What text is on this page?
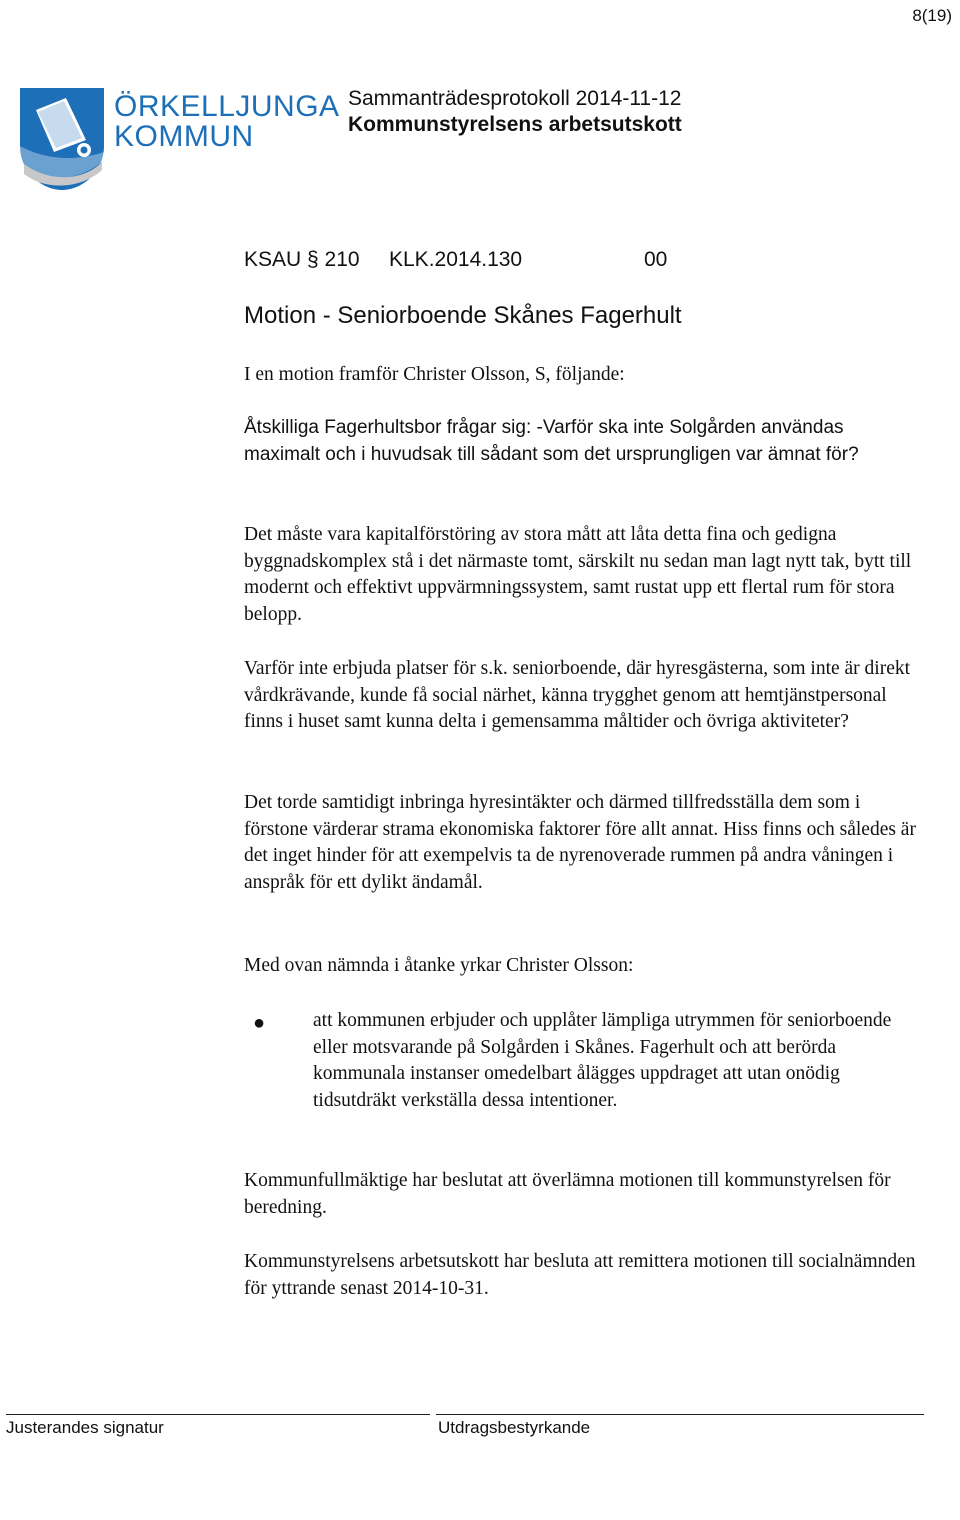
8(19)
ÖRKELLJUNGA
KOMMUN
Sammanträdesprotokoll 2014-11-12
Kommunstyrelsens arbetsutskott
KSAU § 210 KLK.2014.130	00
Motion - Seniorboende Skånes Fagerhult
I en motion framför Christer Olsson, S, följande:
Åtskilliga Fagerhultsbor frågar sig: -Varför ska inte Solgården användas maximalt och i huvudsak till sådant som det ursprungligen var ämnat för?
Det måste vara kapitalförstöring av stora mått att låta detta fina och gedigna byggnadskomplex stå i det närmaste tomt, särskilt nu sedan man lagt nytt tak, bytt till modernt och effektivt uppvärmningssystem, samt rustat upp ett flertal rum för stora belopp.
Varför inte erbjuda platser för s.k. seniorboende, där hyresgästerna, som inte är direkt vårdkrävande, kunde få social närhet, känna trygghet genom att hemtjänstpersonal finns i huset samt kunna delta i gemensamma måltider och övriga aktiviteter?
Det torde samtidigt inbringa hyresintäkter och därmed tillfredsställa dem som i förstone värderar strama ekonomiska faktorer före allt annat. Hiss finns och således är det inget hinder för att exempelvis ta de nyrenoverade rummen på andra våningen i anspråk för ett dylikt ändamål.
Med ovan nämnda i åtanke yrkar Christer Olsson:
● att kommunen erbjuder och upplåter lämpliga utrymmen för seniorboende eller motsvarande på Solgården i Skånes. Fagerhult och att berörda kommunala instanser omedelbart ålägges uppdraget att utan onödig tidsutdräkt verkställa dessa intentioner.
Kommunfullmäktige har beslutat att överlämna motionen till kommunstyrelsen för beredning.
Kommunstyrelsens arbetsutskott har besluta att remittera motionen till socialnämnden för yttrande senast 2014-10-31.
Justerandes signatur	Utdragsbestyrkande
